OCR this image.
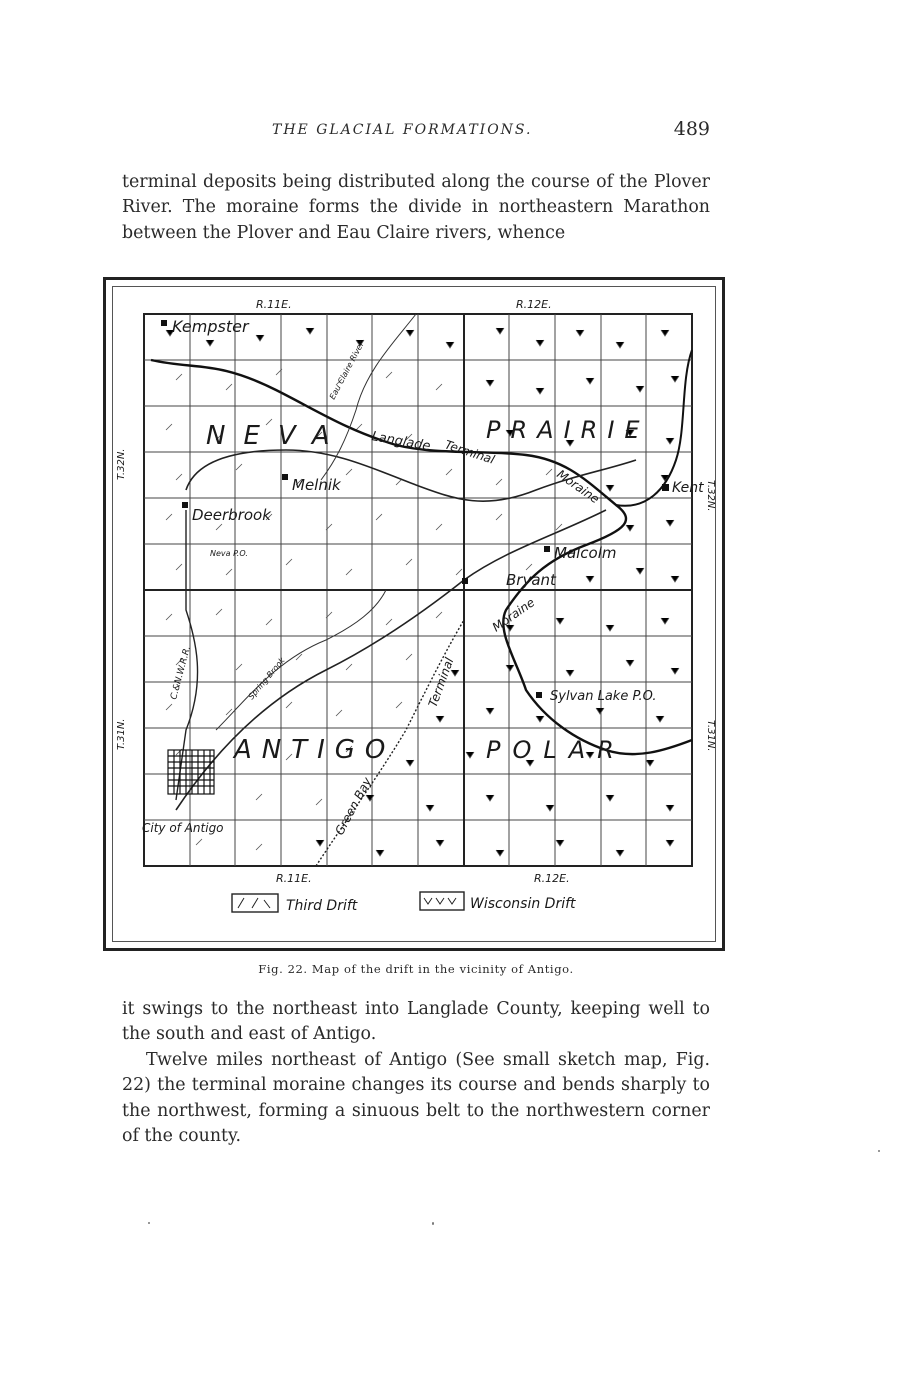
THE GLACIAL FORMATIONS.	489

terminal deposits being distributed along the course of the Plover River. The moraine forms the divide in northeastern Marathon between the Plover and Eau Claire rivers, whence

R.11E.	R.12E.
R.11E.	R.12E.
T.32N.
T.32N.
T.31N.	T.31N.
NEVA	PRAIRIE
ANTIGO	POLAR
Kempster
Melnik
Deerbrook
Malcolm
Bryant
Kent
Sylvan Lake P.O.
City of Antigo
Neva P.O.
Langlade Terminal
Moraine
Moraine
Terminal
Green Bay
Eau Claire River
Spring Brook
C.&N.W.R.R.
Third Drift	Wisconsin Drift
Fig. 22. Map of the drift in the vicinity of Antigo.

it swings to the northeast into Langlade County, keeping well to the south and east of Antigo.

Twelve miles northeast of Antigo (See small sketch map, Fig. 22) the terminal moraine changes its course and bends sharply to the northwest, forming a sinuous belt to the northwestern corner of the county.
